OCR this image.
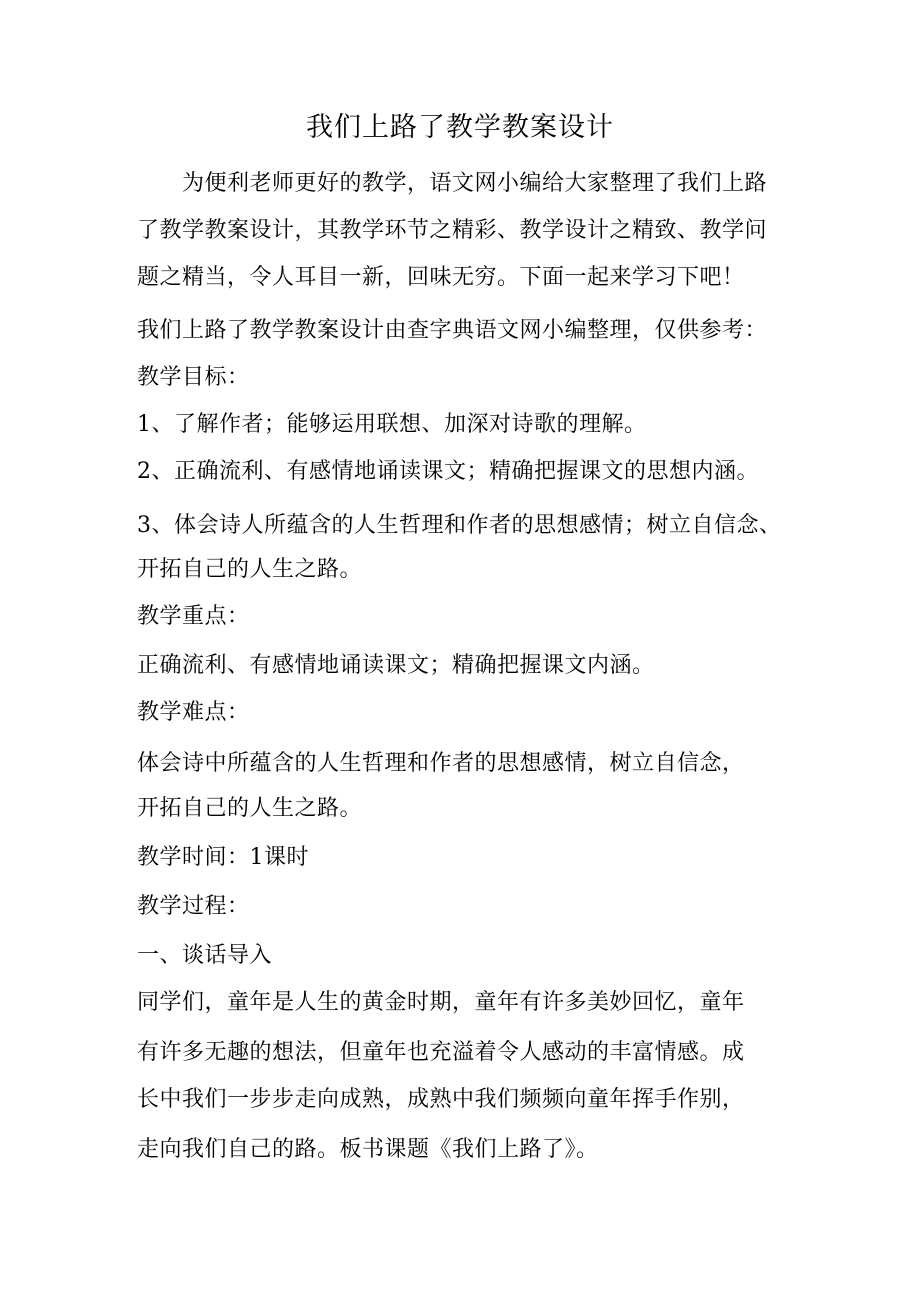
我们上路了教学教案设计
为便利老师更好的教学，语文网小编给大家整理了我们上路
了教学教案设计，其教学环节之精彩、教学设计之精致、教学问
题之精当，令人耳目一新，回味无穷。下面一起来学习下吧！
我们上路了教学教案设计由查字典语文网小编整理，仅供参考：
教学目标：
1、了解作者；能够运用联想、加深对诗歌的理解。
2、正确流利、有感情地诵读课文；精确把握课文的思想内涵。
3、体会诗人所蕴含的人生哲理和作者的思想感情；树立自信念、
开拓自己的人生之路。
教学重点：
正确流利、有感情地诵读课文；精确把握课文内涵。
教学难点：
体会诗中所蕴含的人生哲理和作者的思想感情，树立自信念，
开拓自己的人生之路。
教学时间：1课时
教学过程：
一、谈话导入
同学们，童年是人生的黄金时期，童年有许多美妙回忆，童年
有许多无趣的想法，但童年也充溢着令人感动的丰富情感。成
长中我们一步步走向成熟，成熟中我们频频向童年挥手作别，
走向我们自己的路。板书课题《我们上路了》。
